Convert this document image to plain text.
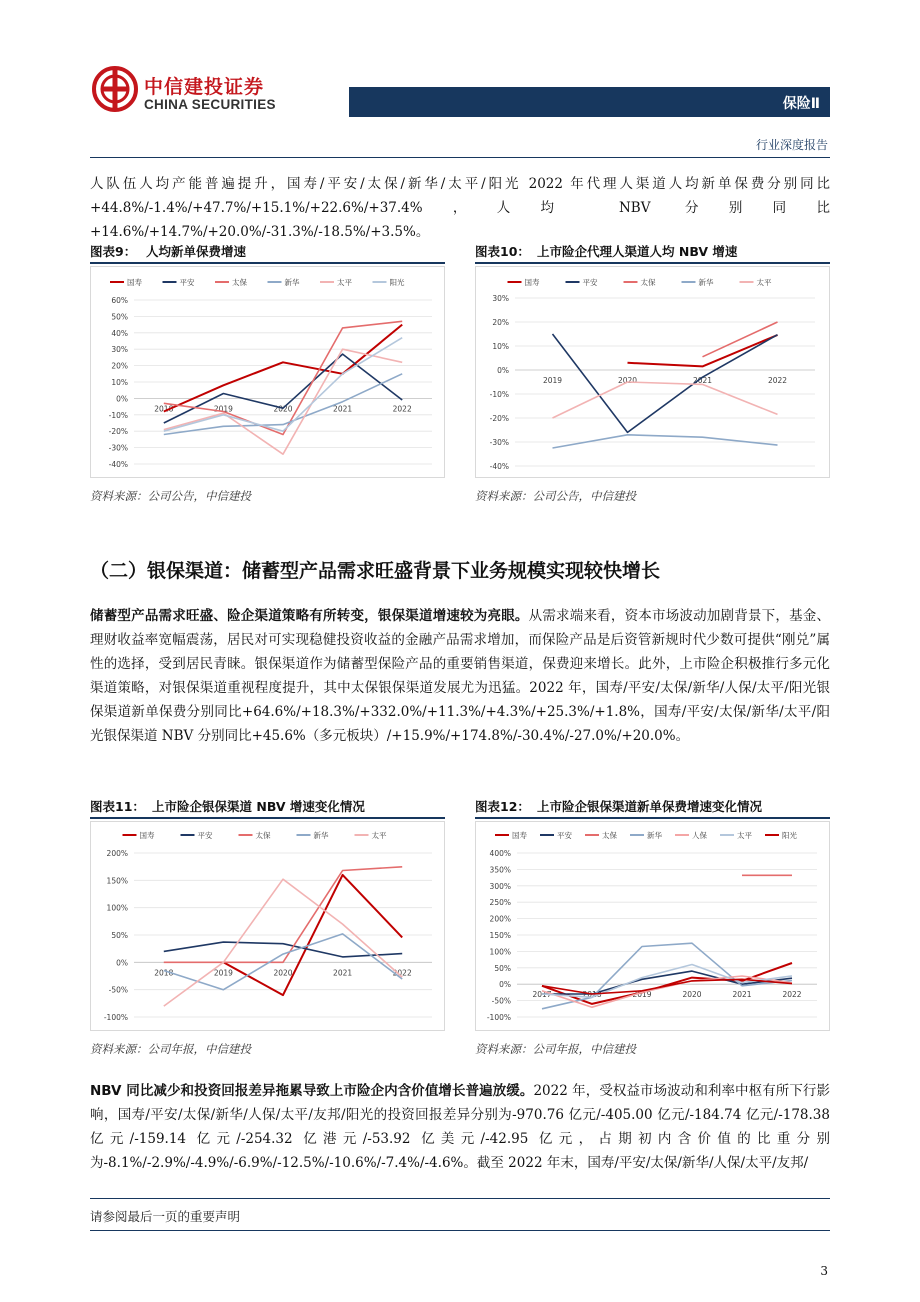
中信建投证券
CHINA SECURITIES	保险Ⅱ
行业深度报告
人队伍人均产能普遍提升，国寿/平安/太保/新华/太平/阳光 2022 年代理人渠道人均新单保费分别同比+44.8%/-1.4%/+47.7%/+15.1%/+22.6%/+37.4%，人均 NBV 分别同比+14.6%/+14.7%/+20.0%/-31.3%/-18.5%/+3.5%。
图表9： 人均新单保费增速
60%
50%
40%
30%
20%
10%
0%
-10%
-20%
-30%
-40%
2018	2019	2020	2021	2022
国寿	平安	太保	新华	太平	阳光
资料来源：公司公告，中信建投
图表10： 上市险企代理人渠道人均 NBV 增速
30%
20%
10%
0%
-10%
-20%
-30%
-40%
2019	2020	2021	2022
国寿	平安	太保	新华	太平
资料来源：公司公告，中信建投
（二）银保渠道：储蓄型产品需求旺盛背景下业务规模实现较快增长
储蓄型产品需求旺盛、险企渠道策略有所转变，银保渠道增速较为亮眼。从需求端来看，资本市场波动加剧背景下，基金、理财收益率宽幅震荡，居民对可实现稳健投资收益的金融产品需求增加，而保险产品是后资管新规时代少数可提供“刚兑”属性的选择，受到居民青睐。银保渠道作为储蓄型保险产品的重要销售渠道，保费迎来增长。此外，上市险企积极推行多元化渠道策略，对银保渠道重视程度提升，其中太保银保渠道发展尤为迅猛。2022 年，国寿/平安/太保/新华/人保/太平/阳光银保渠道新单保费分别同比+64.6%/+18.3%/+332.0%/+11.3%/+4.3%/+25.3%/+1.8%，国寿/平安/太保/新华/太平/阳光银保渠道 NBV 分别同比+45.6%（多元板块）/+15.9%/+174.8%/-30.4%/-27.0%/+20.0%。
图表11： 上市险企银保渠道 NBV 增速变化情况
200%
150%
100%
50%
0%
-50%
-100%
2018	2019	2020	2021	2022
国寿	平安	太保	新华	太平
资料来源：公司年报，中信建投
图表12： 上市险企银保渠道新单保费增速变化情况
400%
350%
300%
250%
200%
150%
100%
50%
0%
-50%
-100%
2017	2018	2019	2020	2021	2022
国寿	平安	太保	新华	人保	太平	阳光
资料来源：公司年报，中信建投
NBV 同比减少和投资回报差异拖累导致上市险企内含价值增长普遍放缓。2022 年，受权益市场波动和利率中枢有所下行影响，国寿/平安/太保/新华/人保/太平/友邦/阳光的投资回报差异分别为-970.76 亿元/-405.00 亿元/-184.74 亿元/-178.38 亿元/-159.14 亿元/-254.32 亿港元/-53.92 亿美元/-42.95 亿元，占期初内含价值的比重分别为-8.1%/-2.9%/-4.9%/-6.9%/-12.5%/-10.6%/-7.4%/-4.6%。截至 2022 年末，国寿/平安/太保/新华/人保/太平/友邦/
请参阅最后一页的重要声明
3
